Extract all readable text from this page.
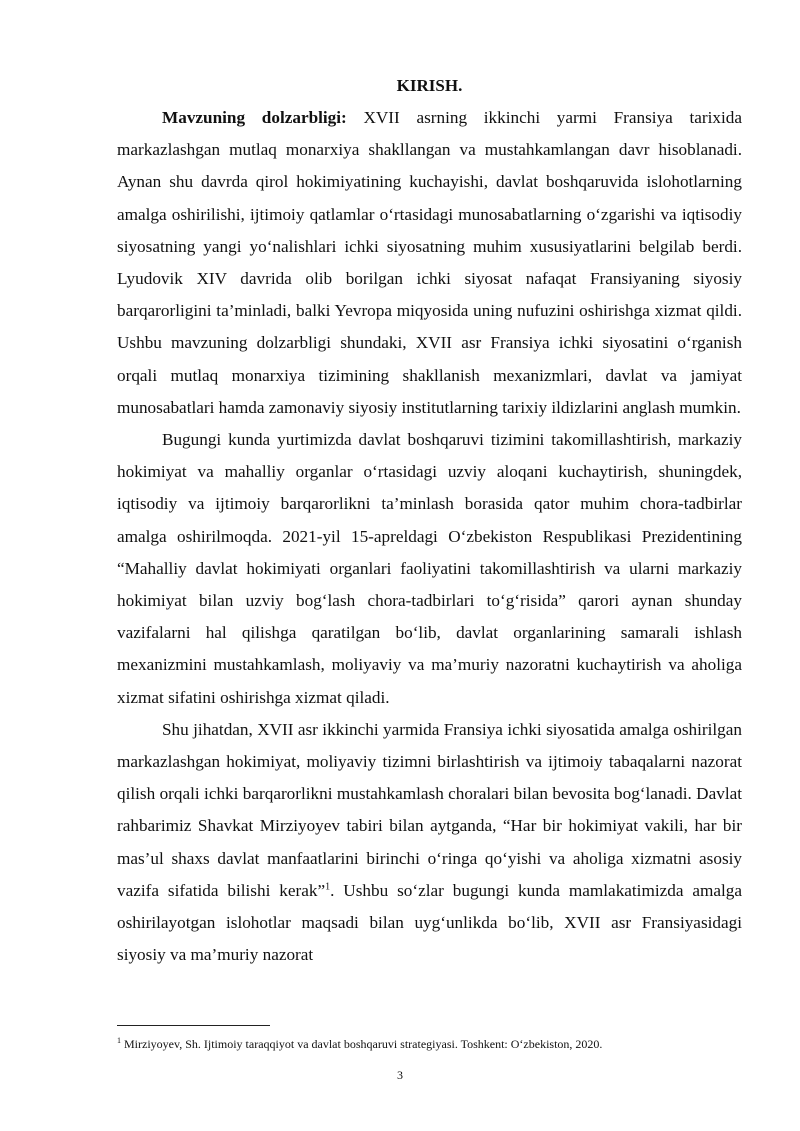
KIRISH.

Mavzuning dolzarbligi: XVII asrning ikkinchi yarmi Fransiya tarixida markazlashgan mutlaq monarxiya shakllangan va mustahkamlangan davr hisoblanadi. Aynan shu davrda qirol hokimiyatining kuchayishi, davlat boshqaruvida islohotlarning amalga oshirilishi, ijtimoiy qatlamlar o‘rtasidagi munosabatlarning o‘zgarishi va iqtisodiy siyosatning yangi yo‘nalishlari ichki siyosatning muhim xususiyatlarini belgilab berdi. Lyudovik XIV davrida olib borilgan ichki siyosat nafaqat Fransiyaning siyosiy barqarorligini ta’minladi, balki Yevropa miqyosida uning nufuzini oshirishga xizmat qildi. Ushbu mavzuning dolzarbligi shundaki, XVII asr Fransiya ichki siyosatini o‘rganish orqali mutlaq monarxiya tizimining shakllanish mexanizmlari, davlat va jamiyat munosabatlari hamda zamonaviy siyosiy institutlarning tarixiy ildizlarini anglash mumkin.

Bugungi kunda yurtimizda davlat boshqaruvi tizimini takomillashtirish, markaziy hokimiyat va mahalliy organlar o‘rtasidagi uzviy aloqani kuchaytirish, shuningdek, iqtisodiy va ijtimoiy barqarorlikni ta’minlash borasida qator muhim chora-tadbirlar amalga oshirilmoqda. 2021-yil 15-apreldagi O‘zbekiston Respublikasi Prezidentining “Mahalliy davlat hokimiyati organlari faoliyatini takomillashtirish va ularni markaziy hokimiyat bilan uzviy bog‘lash chora-tadbirlari to‘g‘risida” qarori aynan shunday vazifalarni hal qilishga qaratilgan bo‘lib, davlat organlarining samarali ishlash mexanizmini mustahkamlash, moliyaviy va ma’muriy nazoratni kuchaytirish va aholiga xizmat sifatini oshirishga xizmat qiladi.

Shu jihatdan, XVII asr ikkinchi yarmida Fransiya ichki siyosatida amalga oshirilgan markazlashgan hokimiyat, moliyaviy tizimni birlashtirish va ijtimoiy tabaqalarni nazorat qilish orqali ichki barqarorlikni mustahkamlash choralari bilan bevosita bog‘lanadi. Davlat rahbarimiz Shavkat Mirziyoyev tabiri bilan aytganda, “Har bir hokimiyat vakili, har bir mas’ul shaxs davlat manfaatlarini birinchi o‘ringa qo‘yishi va aholiga xizmatni asosiy vazifa sifatida bilishi kerak”$^1$. Ushbu so‘zlar bugungi kunda mamlakatimizda amalga oshirilayotgan islohotlar maqsadi bilan uyg‘unlikda bo‘lib, XVII asr Fransiyasidagi siyosiy va ma’muriy nazorat

$^1$ Mirziyoyev, Sh. Ijtimoiy taraqqiyot va davlat boshqaruvi strategiyasi. Toshkent: O‘zbekiston, 2020.

3
